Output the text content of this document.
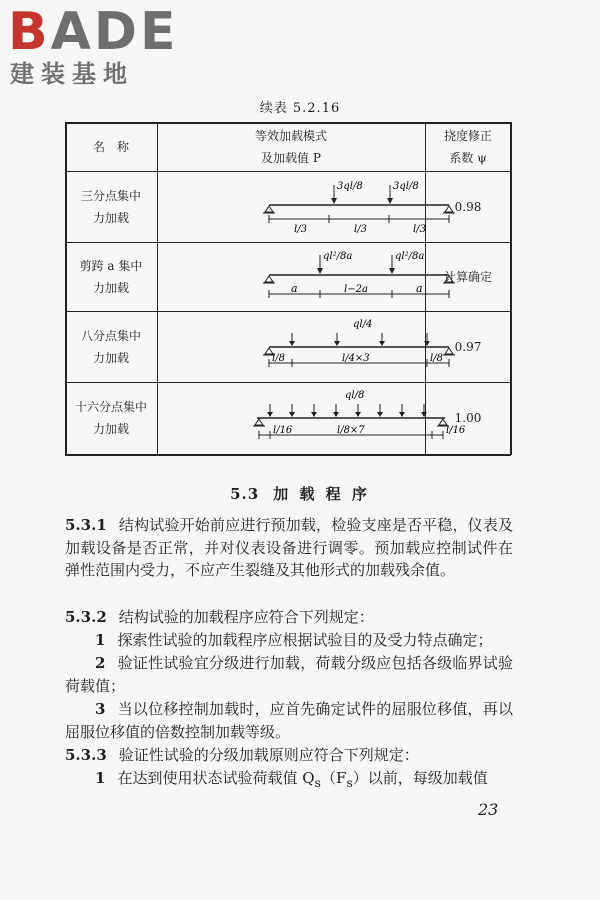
BADE
建装基地
续表 5.2.16
名　称
等效加载模式
及加载值 P
挠度修正
系数 ψ
三分点集中
力加载
3ql/8	3ql/8
l/3	l/3	l/3
0.98
剪跨 a 集中
力加载
ql²/8a	ql²/8a
a	l−2a	a
计算确定
八分点集中
力加载
ql/4
l/8	l/4×3	l/8
0.97
十六分点集中
力加载
ql/8
l/16	l/8×7	l/16
1.00
5.3 加 载 程 序

5.3.1 结构试验开始前应进行预加载，检验支座是否平稳，仪表及加载设备是否正常，并对仪表设备进行调零。预加载应控制试件在弹性范围内受力，不应产生裂缝及其他形式的加载残余值。

5.3.2 结构试验的加载程序应符合下列规定：

1 探索性试验的加载程序应根据试验目的及受力特点确定；

2 验证性试验宜分级进行加载，荷载分级应包括各级临界试验荷载值；

3 当以位移控制加载时，应首先确定试件的屈服位移值，再以屈服位移值的倍数控制加载等级。

5.3.3 验证性试验的分级加载原则应符合下列规定：

1 在达到使用状态试验荷载值 $Q_s(F_s)$以前，每级加载值

23
